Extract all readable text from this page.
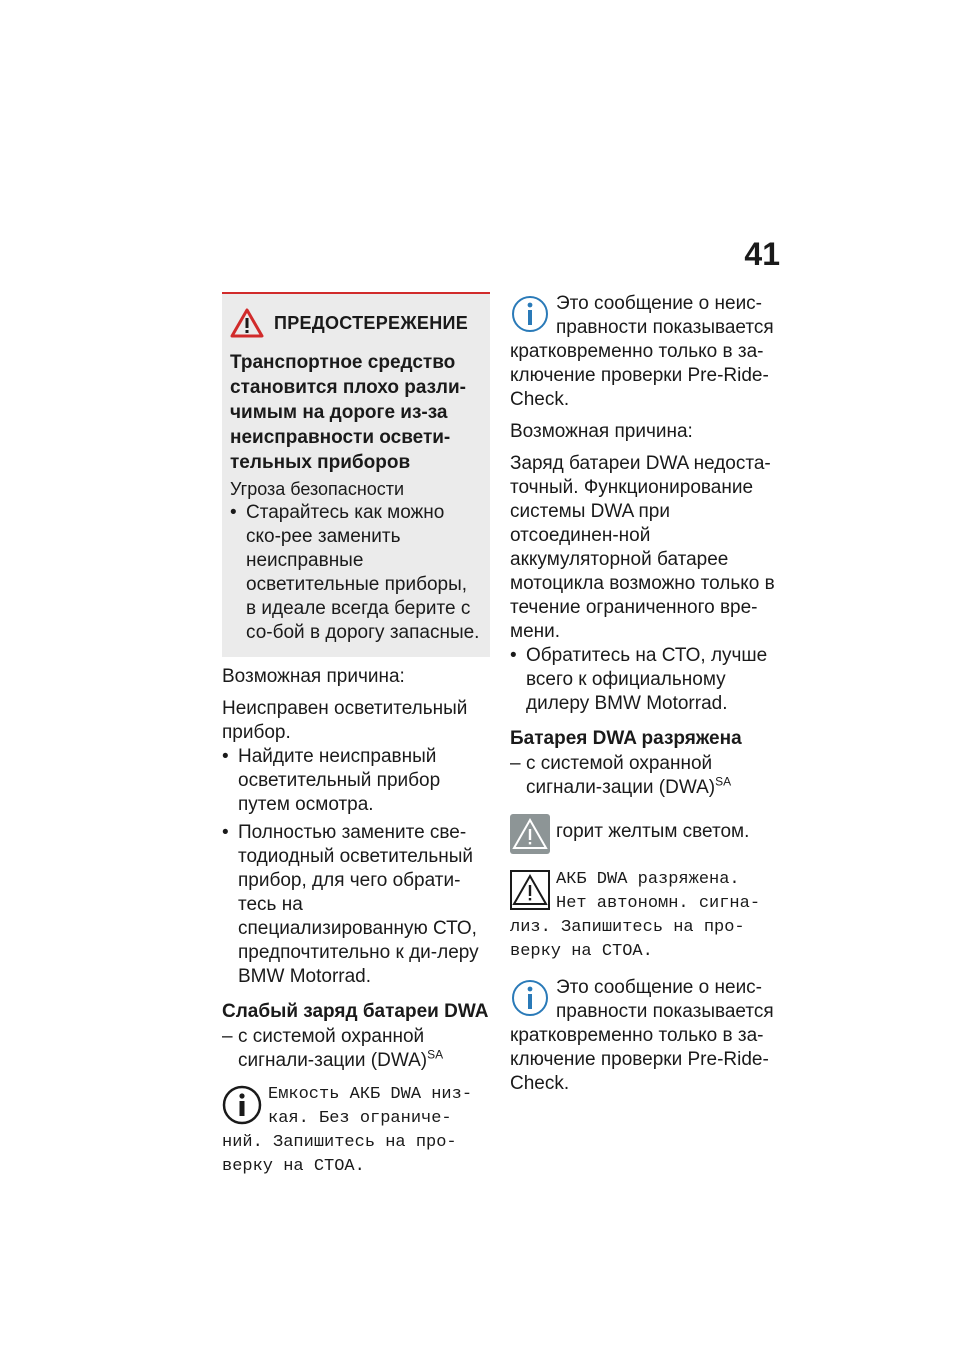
41
ПРЕДОСТЕРЕЖЕНИЕ
Транспортное средство
становится плохо разли-
чимым на дороге из-за
неисправности освети-
тельных приборов

Угроза безопасности

• Старайтесь как можно ско-рее заменить неисправные осветительные приборы, в идеале всегда берите с со-бой в дорогу запасные.

Возможная причина:

Неисправен осветительный прибор.

• Найдите неисправный осветительный прибор путем осмотра.

• Полностью замените све-тодиодный осветительный прибор, для чего обрати-тесь на специализированную СТО, предпочтительно к ди-леру BMW Motorrad.

Слабый заряд батареи DWA

– с системой охранной сигнали-зации (DWA)$^{SA}$

Емкость АКБ DWA низ-кая. Без ограниче-ний. Запишитесь на про-верку на СТОА.

Это сообщение о неис-правности показывается кратковременно только в за-ключение проверки Pre-Ride-Check.

Возможная причина:

Заряд батареи DWA недоста-точный. Функционирование системы DWA при отсоединен-ной аккумуляторной батарее мотоцикла возможно только в течение ограниченного вре-мени.

• Обратитесь на СТО, лучше всего к официальному дилеру BMW Motorrad.

Батарея DWA разряжена

– с системой охранной сигнали-зации (DWA)$^{SA}$

горит желтым светом.

АКБ DWA разряжена. Нет автономн. сигна-лиз. Запишитесь на про-верку на СТОА.

Это сообщение о неис-правности показывается кратковременно только в за-ключение проверки Pre-Ride-Check.
